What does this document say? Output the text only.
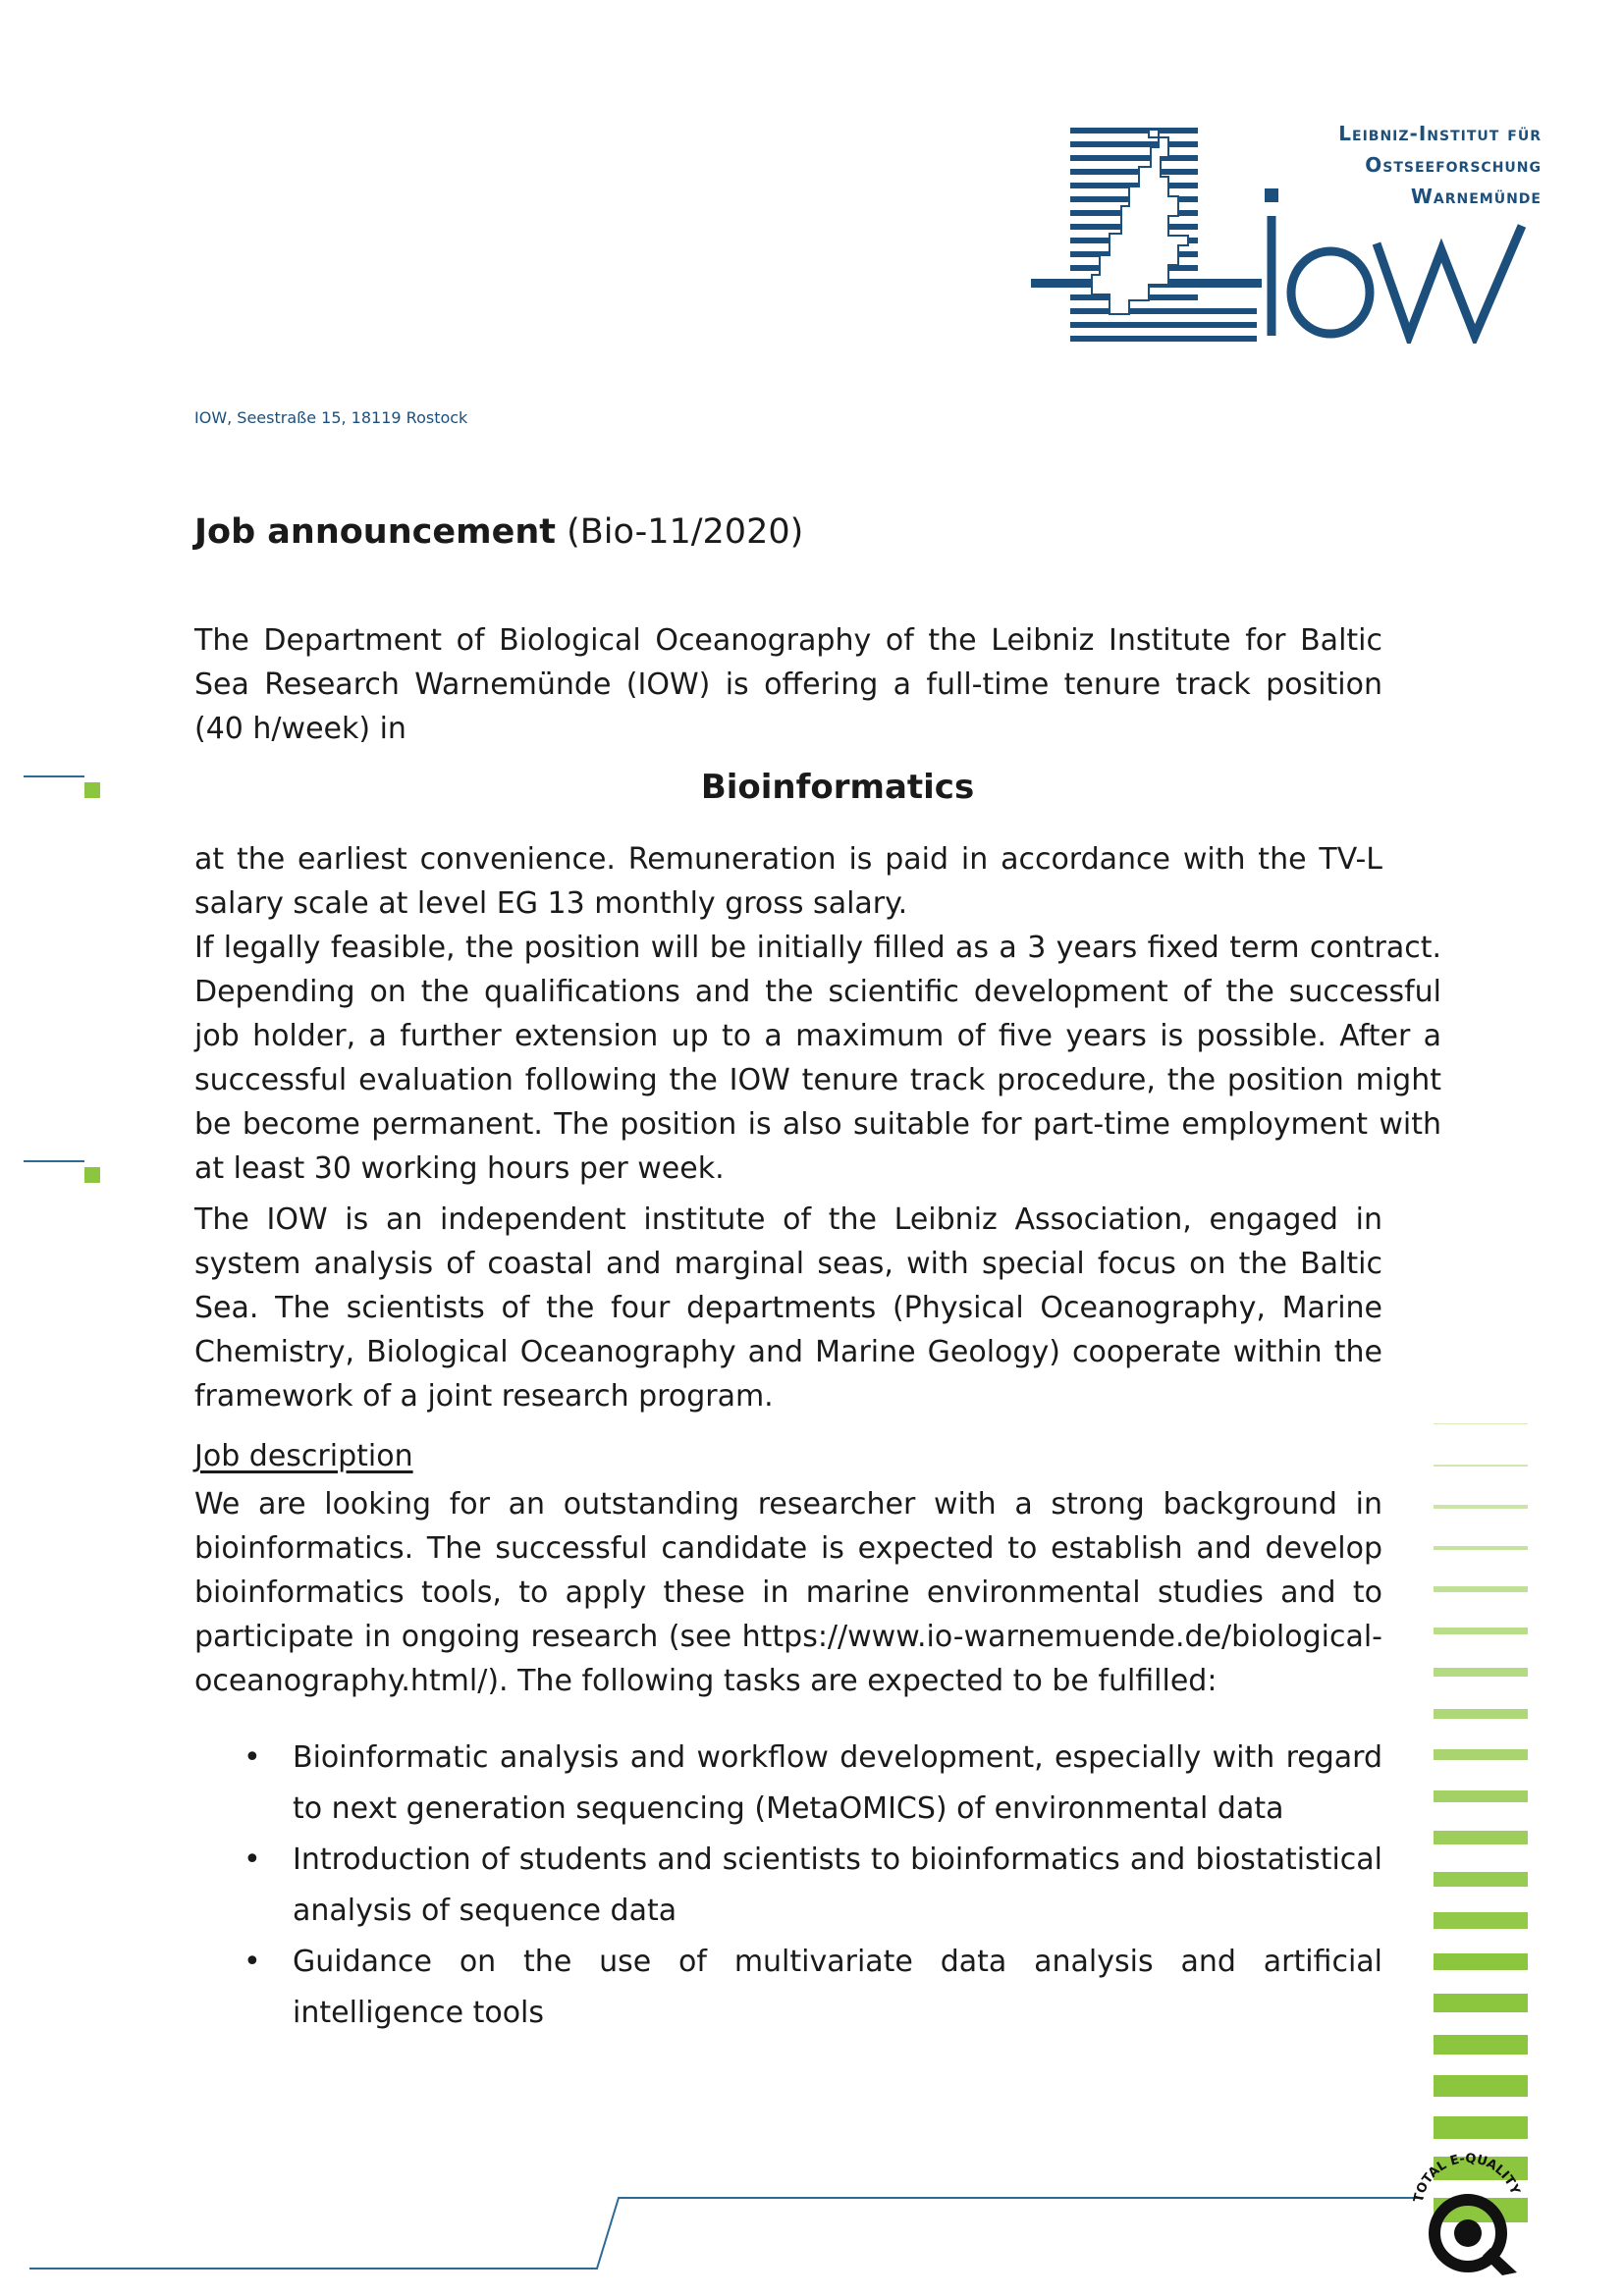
Leibniz-Institut für
Ostseeforschung
Warnemünde
IOW, Seestraße 15, 18119 Rostock
Job announcement (Bio-11/2020)
The Department of Biological Oceanography of the Leibniz Institute for Baltic Sea Research Warnemünde (IOW) is offering a full-time tenure track position (40 h/week) in
Bioinformatics
at the earliest convenience. Remuneration is paid in accordance with the TV-L salary scale at level EG 13 monthly gross salary.
If legally feasible, the position will be initially filled as a 3 years fixed term contract. Depending on the qualifications and the scientific development of the successful job holder, a further extension up to a maximum of five years is possible. After a successful evaluation following the IOW tenure track procedure, the position might be become permanent. The position is also suitable for part-time employment with at least 30 working hours per week.
The IOW is an independent institute of the Leibniz Association, engaged in system analysis of coastal and marginal seas, with special focus on the Baltic Sea. The scientists of the four departments (Physical Oceanography, Marine Chemistry, Biological Oceanography and Marine Geology) cooperate within the framework of a joint research program.
Job description
We are looking for an outstanding researcher with a strong background in bioinformatics. The successful candidate is expected to establish and develop bioinformatics tools, to apply these in marine environmental studies and to participate in ongoing research (see https://www.io-warnemuende.de/biological-oceanography.html/). The following tasks are expected to be fulfilled:
• Bioinformatic analysis and workflow development, especially with regard to next generation sequencing (MetaOMICS) of environmental data
• Introduction of students and scientists to bioinformatics and biostatistical analysis of sequence data
• Guidance on the use of multivariate data analysis and artificial intelligence tools
TOTAL E-QUALITY
